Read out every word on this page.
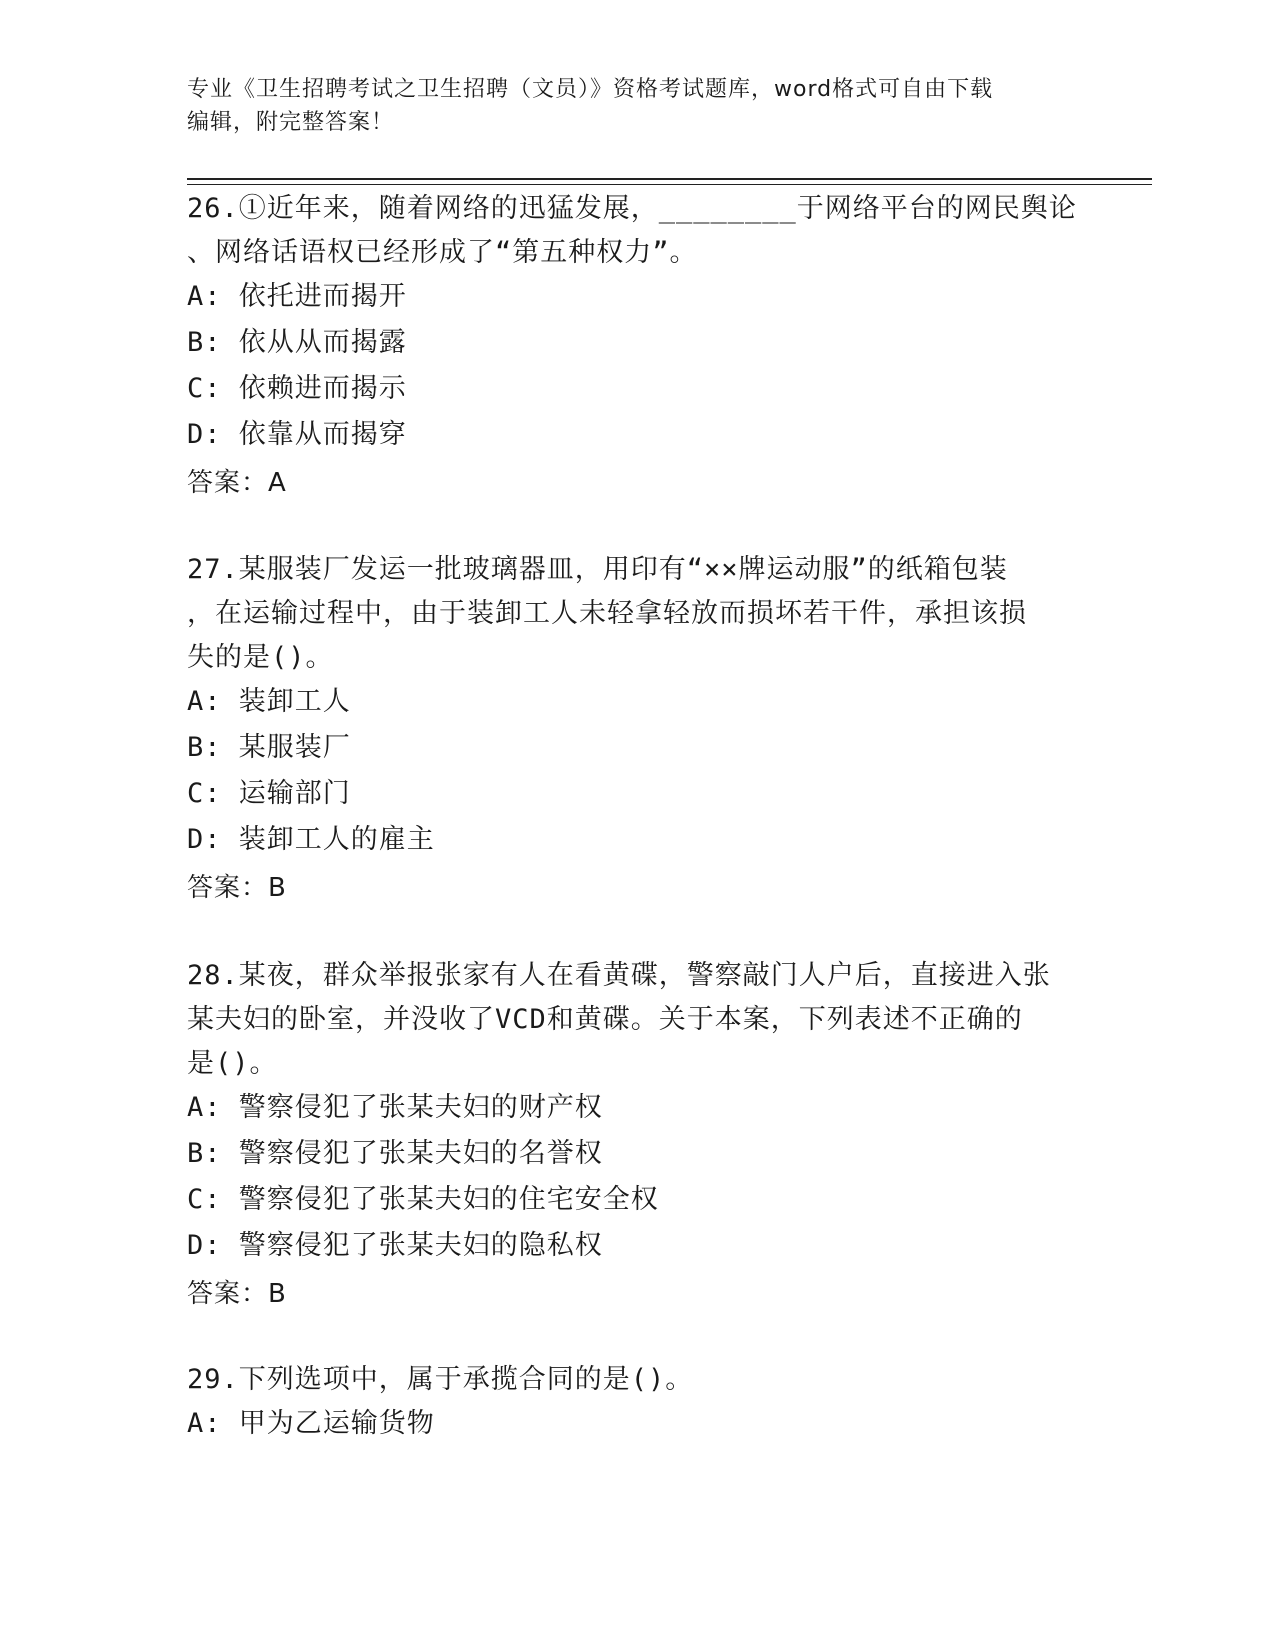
专业《卫生招聘考试之卫生招聘（文员）》资格考试题库，word格式可自由下载
编辑，附完整答案！
26.①近年来，随着网络的迅猛发展，________于网络平台的网民舆论
、网络话语权已经形成了“第五种权力”。
A: 依托进而揭开
B: 依从从而揭露
C: 依赖进而揭示
D: 依靠从而揭穿
答案：A
27.某服装厂发运一批玻璃器皿，用印有“××牌运动服”的纸箱包装
，在运输过程中，由于装卸工人未轻拿轻放而损坏若干件，承担该损
失的是()。
A: 装卸工人
B: 某服装厂
C: 运输部门
D: 装卸工人的雇主
答案：B
28.某夜，群众举报张家有人在看黄碟，警察敲门人户后，直接进入张
某夫妇的卧室，并没收了VCD和黄碟。关于本案，下列表述不正确的
是()。
A: 警察侵犯了张某夫妇的财产权
B: 警察侵犯了张某夫妇的名誉权
C: 警察侵犯了张某夫妇的住宅安全权
D: 警察侵犯了张某夫妇的隐私权
答案：B
29.下列选项中，属于承揽合同的是()。
A: 甲为乙运输货物
